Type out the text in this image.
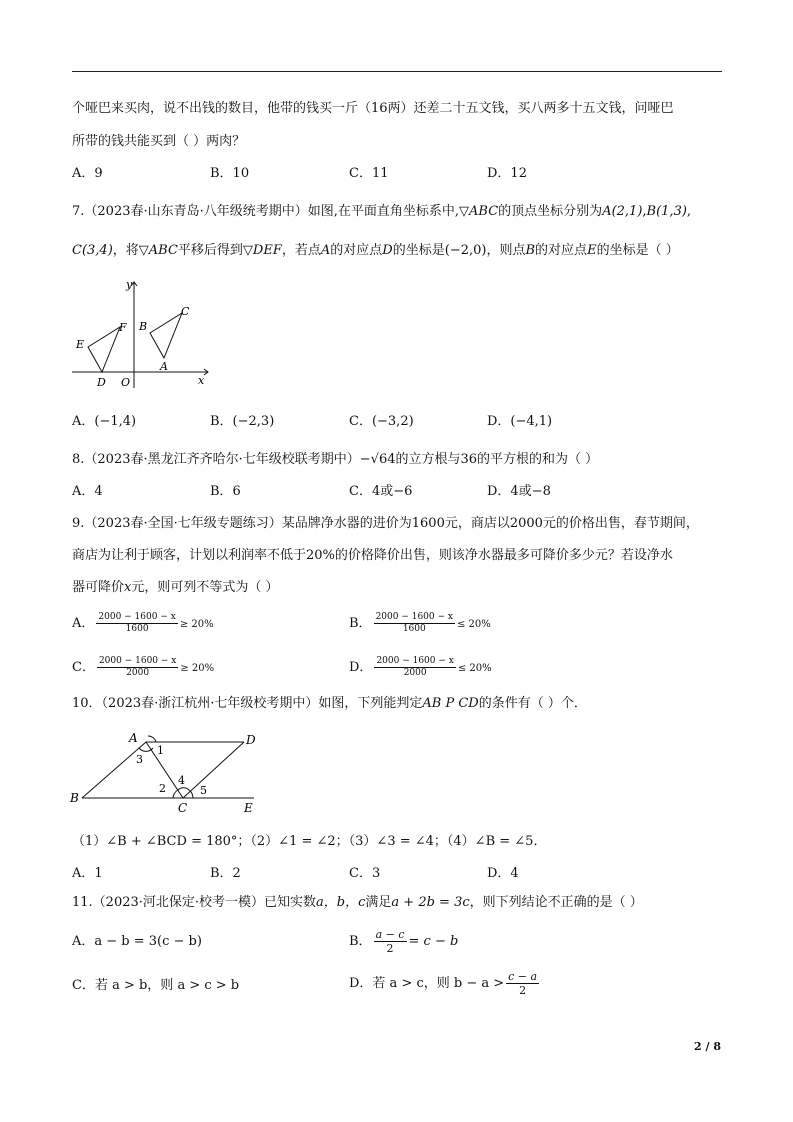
个哑巴来买肉，说不出钱的数目，他带的钱买一斤（16两）还差二十五文钱，买八两多十五文钱，问哑巴
所带的钱共能买到（ ）两肉？
A．9	B．10	C．11	D．12
7.（2023春·山东青岛·八年级统考期中）如图,在平面直角坐标系中,▽ABC的顶点坐标分别为A(2,1),B(1,3),
C(3,4)，将▽ABC平移后得到▽DEF，若点A的对应点D的坐标是(−2,0)，则点B的对应点E的坐标是（ ）
y
x
O
A
B
C
D
E
F
A．(−1,4)	B．(−2,3)	C．(−3,2)	D．(−4,1)
8.（2023春·黑龙江齐齐哈尔·七年级校联考期中）−√64的立方根与36的平方根的和为（ ）
A．4	B．6	C．4或−6	D．4或−8
9.（2023春·全国·七年级专题练习）某品牌净水器的进价为1600元，商店以2000元的价格出售，春节期间，
商店为让利于顾客，计划以利润率不低于20%的价格降价出售，则该净水器最多可降价多少元？若设净水
器可降价x元，则可列不等式为（ ）
A． $\frac{2000 - 1600 - x}{1600} \ge 20\%$	B． $\frac{2000 - 1600 - x}{1600} \le 20\%$
C． $\frac{2000 - 1600 - x}{2000} \ge 20\%$	D． $\frac{2000 - 1600 - x}{2000} \le 20\%$
10．（2023春·浙江杭州·七年级校考期中）如图，下列能判定AB P CD的条件有（ ）个．
A
B
C
D
E
1
3
2
4
5
（1）∠B + ∠BCD = 180°；（2）∠1 = ∠2；（3）∠3 = ∠4；（4）∠B = ∠5．
A．1	B．2	C．3	D．4
11.（2023·河北保定·校考一模）已知实数a，b，c满足a + 2b = 3c，则下列结论不正确的是（ ）
A．a − b = 3(c − b)	B． $\frac{a - c}{2} = c - b$
C．若 a > b，则 a > c > b	D．若 a > c，则 $b - a > \frac{c - a}{2}$
2 / 8
